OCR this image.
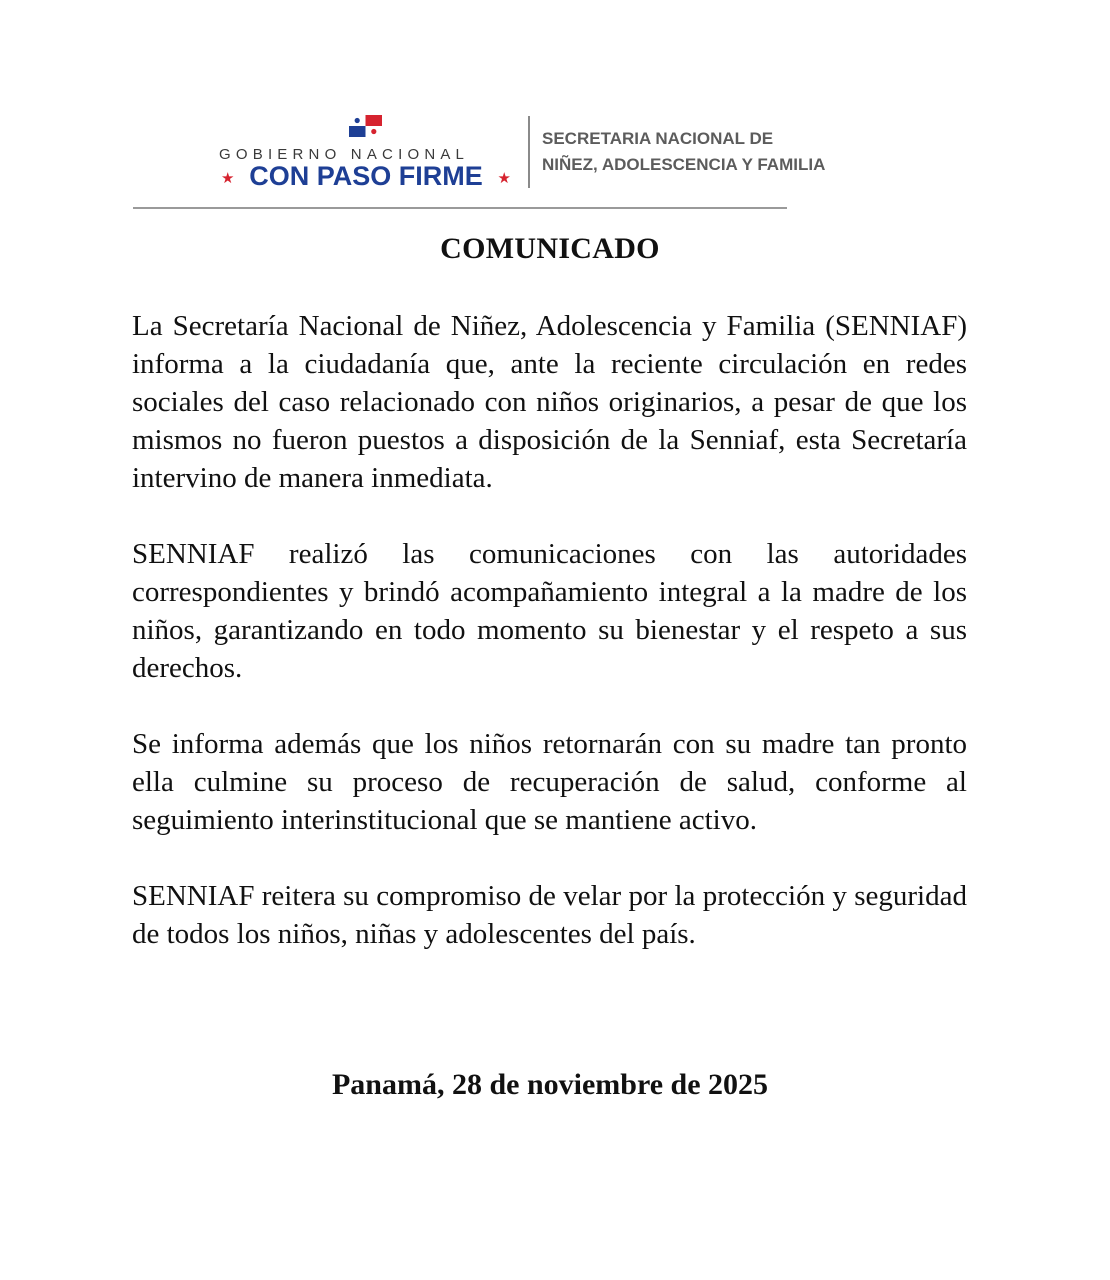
GOBIERNO NACIONAL
★ CON PASO FIRME ★
SECRETARIA NACIONAL DE
NIÑEZ, ADOLESCENCIA Y FAMILIA
COMUNICADO

La Secretaría Nacional de Niñez, Adolescencia y Familia (SENNIAF) informa a la ciudadanía que, ante la reciente circulación en redes sociales del caso relacionado con niños originarios, a pesar de que los mismos no fueron puestos a disposición de la Senniaf, esta Secretaría intervino de manera inmediata.

SENNIAF realizó las comunicaciones con las autoridades correspondientes y brindó acompañamiento integral a la madre de los niños, garantizando en todo momento su bienestar y el respeto a sus derechos.

Se informa además que los niños retornarán con su madre tan pronto ella culmine su proceso de recuperación de salud, conforme al seguimiento interinstitucional que se mantiene activo.

SENNIAF reitera su compromiso de velar por la protección y seguridad de todos los niños, niñas y adolescentes del país.

Panamá, 28 de noviembre de 2025
